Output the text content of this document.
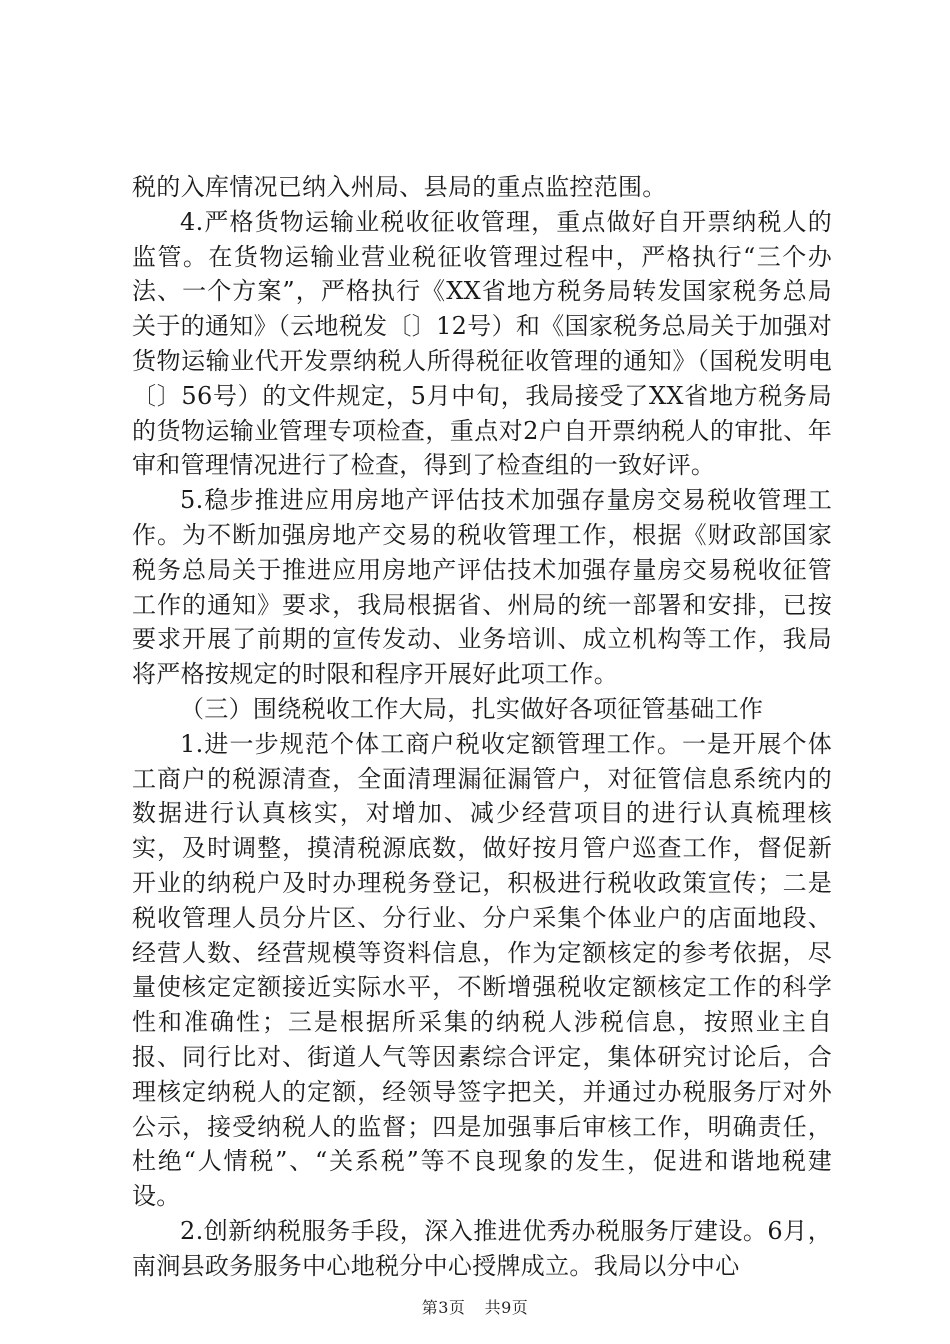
税的入库情况已纳入州局、县局的重点监控范围。

4.严格货物运输业税收征收管理，重点做好自开票纳税人的监管。在货物运输业营业税征收管理过程中，严格执行“三个办法、一个方案”，严格执行《XX省地方税务局转发国家税务总局关于的通知》（云地税发〔〕12号）和《国家税务总局关于加强对货物运输业代开发票纳税人所得税征收管理的通知》（国税发明电〔〕56号）的文件规定，5月中旬，我局接受了XX省地方税务局的货物运输业管理专项检查，重点对2户自开票纳税人的审批、年审和管理情况进行了检查，得到了检查组的一致好评。

5.稳步推进应用房地产评估技术加强存量房交易税收管理工作。为不断加强房地产交易的税收管理工作，根据《财政部国家税务总局关于推进应用房地产评估技术加强存量房交易税收征管工作的通知》要求，我局根据省、州局的统一部署和安排，已按要求开展了前期的宣传发动、业务培训、成立机构等工作，我局将严格按规定的时限和程序开展好此项工作。

（三）围绕税收工作大局，扎实做好各项征管基础工作

1.进一步规范个体工商户税收定额管理工作。一是开展个体工商户的税源清查，全面清理漏征漏管户，对征管信息系统内的数据进行认真核实，对增加、减少经营项目的进行认真梳理核实，及时调整，摸清税源底数，做好按月管户巡查工作，督促新开业的纳税户及时办理税务登记，积极进行税收政策宣传；二是税收管理人员分片区、分行业、分户采集个体业户的店面地段、经营人数、经营规模等资料信息，作为定额核定的参考依据，尽量使核定定额接近实际水平，不断增强税收定额核定工作的科学性和准确性；三是根据所采集的纳税人涉税信息，按照业主自报、同行比对、街道人气等因素综合评定，集体研究讨论后，合理核定纳税人的定额，经领导签字把关，并通过办税服务厅对外公示，接受纳税人的监督；四是加强事后审核工作，明确责任，杜绝“人情税”、“关系税”等不良现象的发生，促进和谐地税建设。

2.创新纳税服务手段，深入推进优秀办税服务厅建设。6月，南涧县政务服务中心地税分中心授牌成立。我局以分中心

第3页 共9页
